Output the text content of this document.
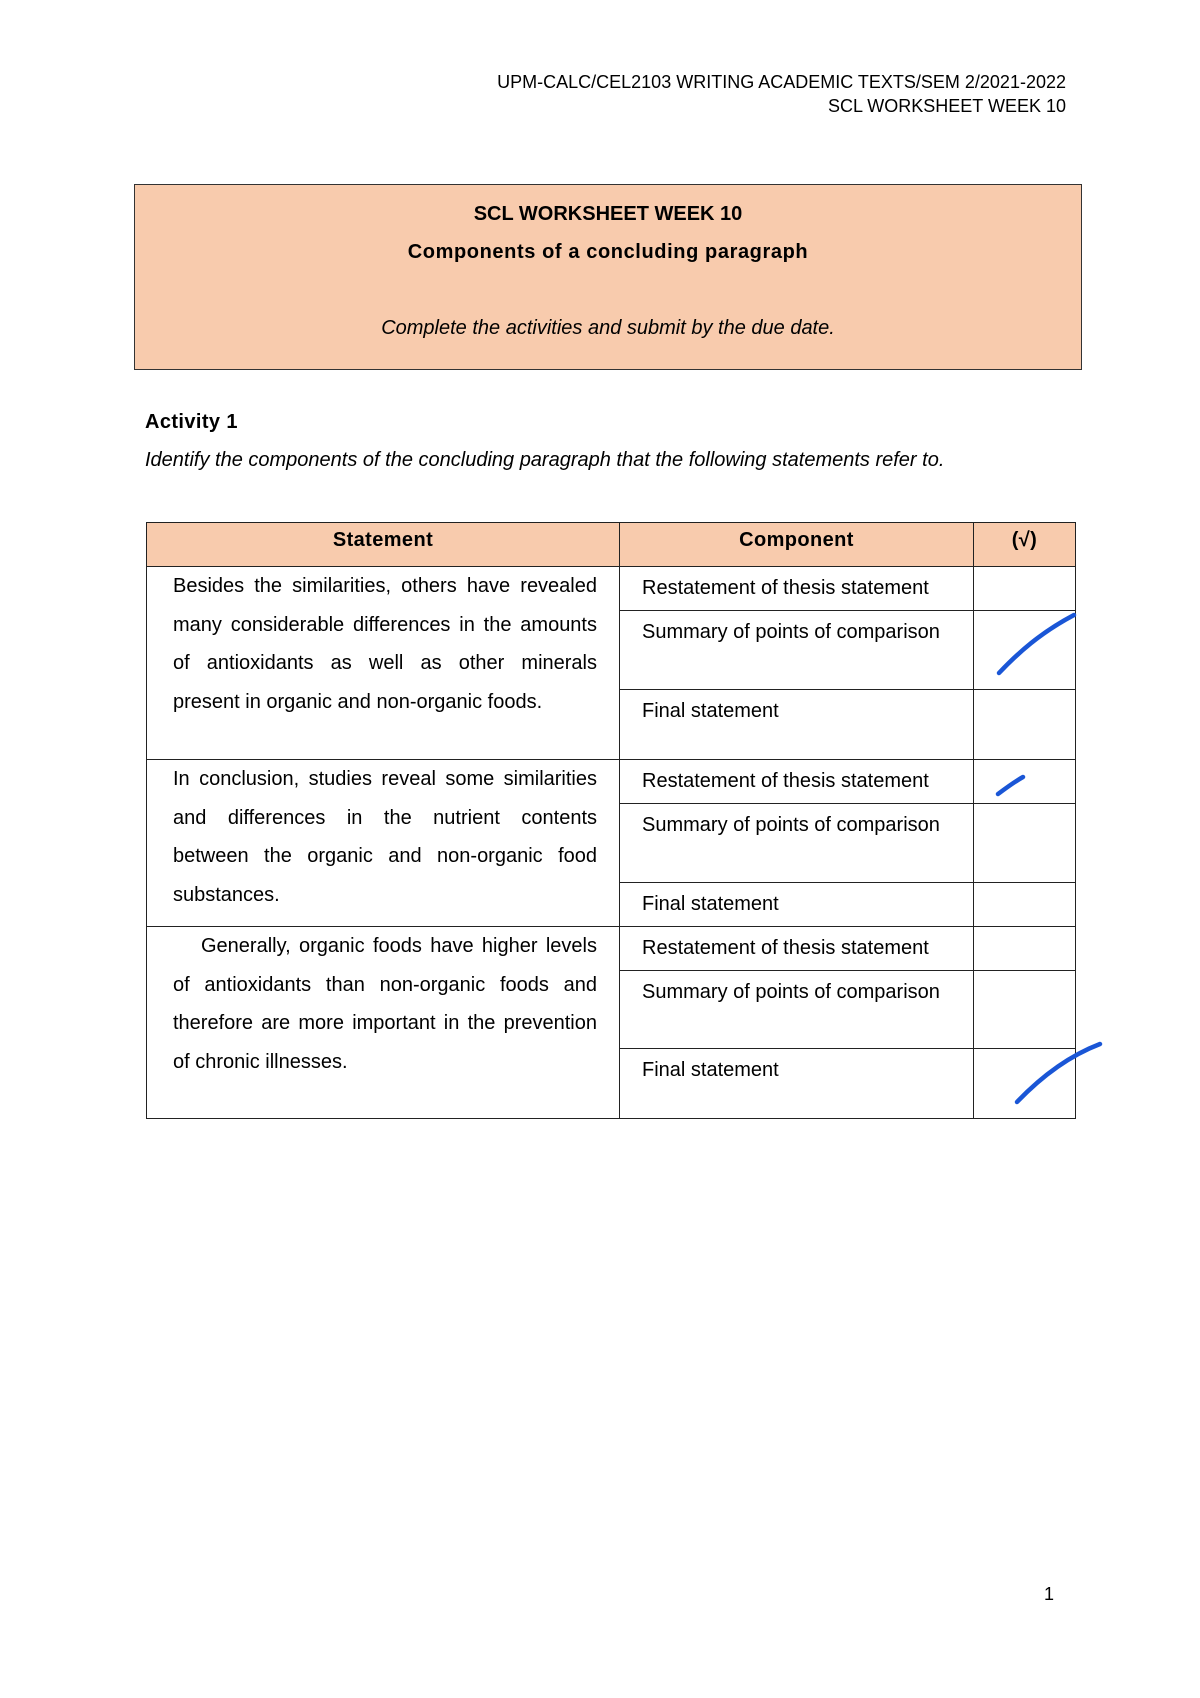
UPM-CALC/CEL2103 WRITING ACADEMIC TEXTS/SEM 2/2021-2022
SCL WORKSHEET WEEK 10
SCL WORKSHEET WEEK 10
Components of a concluding paragraph
Complete the activities and submit by the due date.
Activity 1
Identify the components of the concluding paragraph that the following statements refer to.
Statement	Component	(√)
Besides the similarities, others have revealed many considerable differences in the amounts of antioxidants as well as other minerals present in organic and non-organic foods.	Restatement of thesis statement	
	Summary of points of comparison	

	Final statement	
In conclusion, studies reveal some similarities and differences in the nutrient contents between the organic and non-organic food substances.	Restatement of thesis statement	

	Summary of points of comparison	
	Final statement	
Generally, organic foods have higher levels of antioxidants than non-organic foods and therefore are more important in the prevention of chronic illnesses.	Restatement of thesis statement	
	Summary of points of comparison	
	Final statement	
1
